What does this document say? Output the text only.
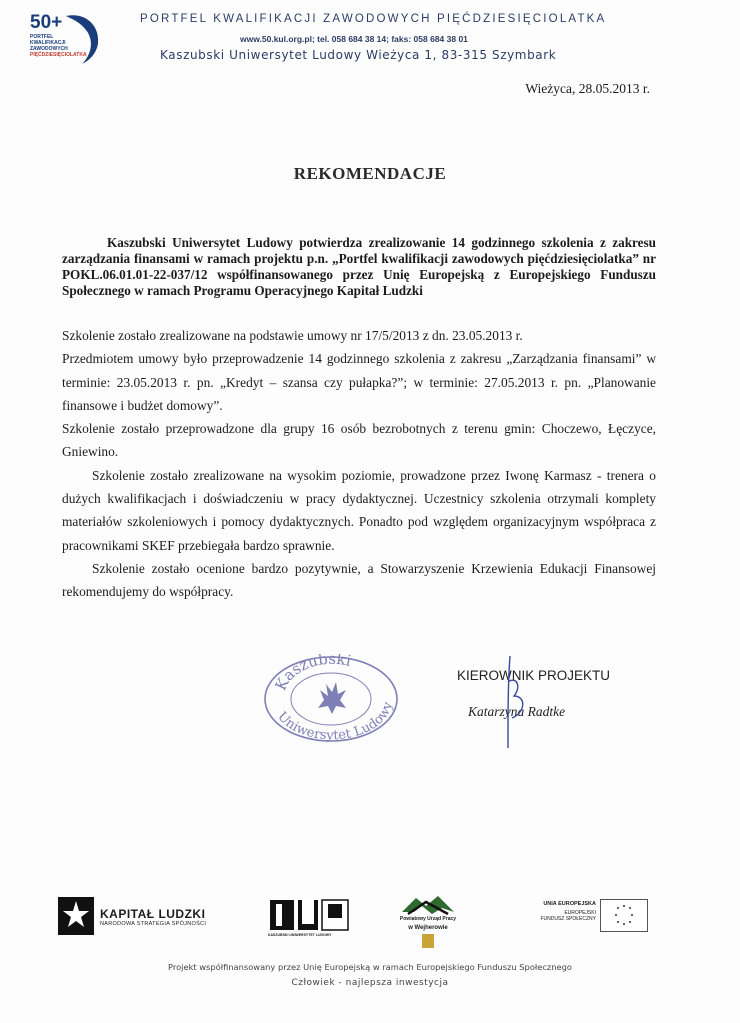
50+
PORTFEL
KWALIFIKACJI
ZAWODOWYCH
PIĘĆDZIESIĘCIOLATKA
PORTFEL KWALIFIKACJI ZAWODOWYCH PIĘĆDZIESIĘCIOLATKA
www.50.kul.org.pl; tel. 058 684 38 14; faks: 058 684 38 01
Kaszubski Uniwersytet Ludowy Wieżyca 1, 83-315 Szymbark
Wieżyca, 28.05.2013 r.
REKOMENDACJE

Kaszubski Uniwersytet Ludowy potwierdza zrealizowanie 14 godzinnego szkolenia z zakresu zarządzania finansami w ramach projektu p.n. „Portfel kwalifikacji zawodowych pięćdziesięciolatka” nr POKL.06.01.01-22-037/12 współfinansowanego przez Unię Europejską z Europejskiego Funduszu Społecznego w ramach Programu Operacyjnego Kapitał Ludzki

Szkolenie zostało zrealizowane na podstawie umowy nr 17/5/2013 z dn. 23.05.2013 r.

Przedmiotem umowy było przeprowadzenie 14 godzinnego szkolenia z zakresu „Zarządzania finansami” w terminie: 23.05.2013 r. pn. „Kredyt – szansa czy pułapka?”; w terminie: 27.05.2013 r. pn. „Planowanie finansowe i budżet domowy”.

Szkolenie zostało przeprowadzone dla grupy 16 osób bezrobotnych z terenu gmin: Choczewo, Łęczyce, Gniewino.

Szkolenie zostało zrealizowane na wysokim poziomie, prowadzone przez Iwonę Karmasz - trenera o dużych kwalifikacjach i doświadczeniu w pracy dydaktycznej. Uczestnicy szkolenia otrzymali komplety materiałów szkoleniowych i pomocy dydaktycznych. Ponadto pod względem organizacyjnym współpraca z pracownikami SKEF przebiegała bardzo sprawnie.

Szkolenie zostało ocenione bardzo pozytywnie, a Stowarzyszenie Krzewienia Edukacji Finansowej rekomendujemy do współpracy.

Kaszubski
Uniwersytet Ludowy
KIEROWNIK PROJEKTU
Katarzyna Radtke
KAPITAŁ LUDZKI
NARODOWA STRATEGIA SPÓJNOŚCI
KASZUBSKI UNIWERSYTET LUDOWY
Powiatowy Urząd Pracy
w Wejherowie
UNIA EUROPEJSKA
EUROPEJSKI
FUNDUSZ SPOŁECZNY
Projekt współfinansowany przez Unię Europejską w ramach Europejskiego Funduszu Społecznego
Człowiek - najlepsza inwestycja
